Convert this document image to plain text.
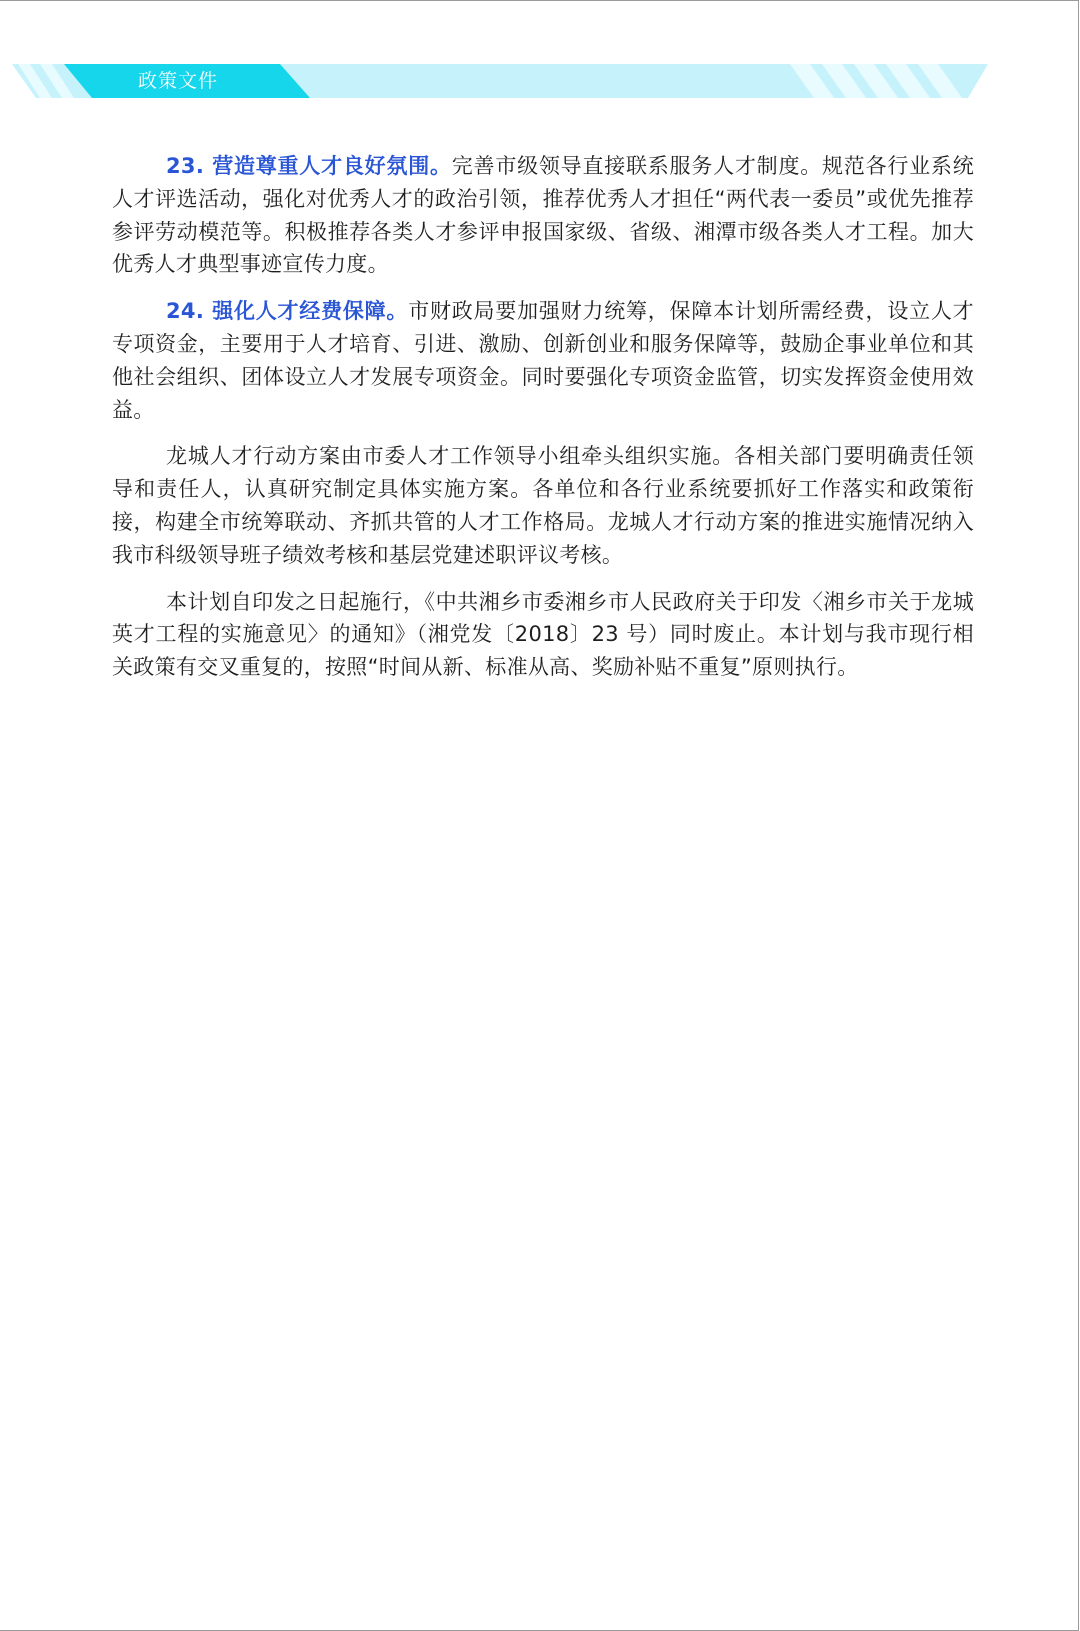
政策文件

23. 营造尊重人才良好氛围。完善市级领导直接联系服务人才制度。规范各行业系统人才评选活动，强化对优秀人才的政治引领，推荐优秀人才担任“两代表一委员”或优先推荐参评劳动模范等。积极推荐各类人才参评申报国家级、省级、湘潭市级各类人才工程。加大优秀人才典型事迹宣传力度。

24. 强化人才经费保障。市财政局要加强财力统筹，保障本计划所需经费，设立人才专项资金，主要用于人才培育、引进、激励、创新创业和服务保障等，鼓励企事业单位和其他社会组织、团体设立人才发展专项资金。同时要强化专项资金监管，切实发挥资金使用效益。

龙城人才行动方案由市委人才工作领导小组牵头组织实施。各相关部门要明确责任领导和责任人，认真研究制定具体实施方案。各单位和各行业系统要抓好工作落实和政策衔接，构建全市统筹联动、齐抓共管的人才工作格局。龙城人才行动方案的推进实施情况纳入我市科级领导班子绩效考核和基层党建述职评议考核。

本计划自印发之日起施行，《中共湘乡市委湘乡市人民政府关于印发〈湘乡市关于龙城英才工程的实施意见〉的通知》（湘党发〔2018〕23 号）同时废止。本计划与我市现行相关政策有交叉重复的，按照“时间从新、标准从高、奖励补贴不重复”原则执行。
